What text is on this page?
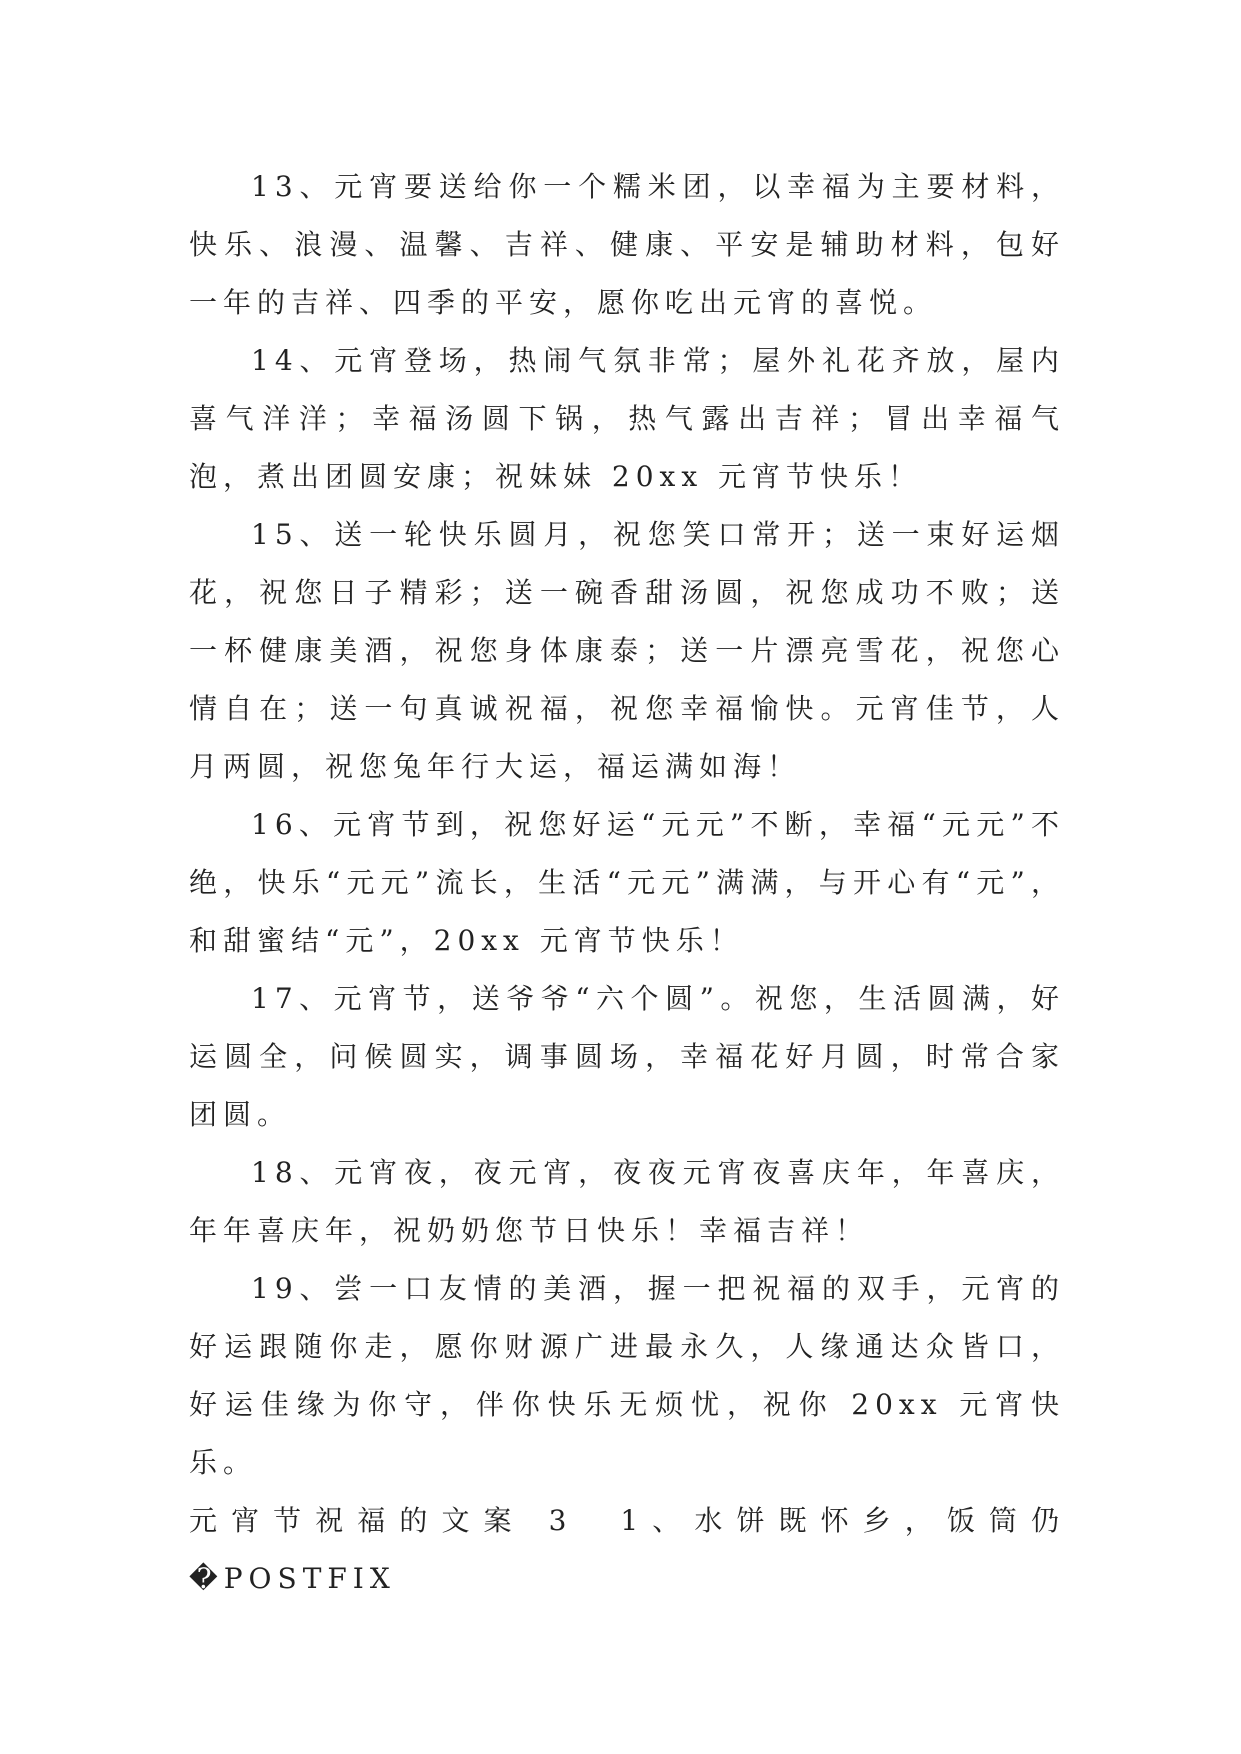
13、元宵要送给你一个糯米团，以幸福为主要材料，快乐、浪漫、温馨、吉祥、健康、平安是辅助材料，包好一年的吉祥、四季的平安，愿你吃出元宵的喜悦。

14、元宵登场，热闹气氛非常；屋外礼花齐放，屋内喜气洋洋；幸福汤圆下锅，热气露出吉祥；冒出幸福气泡，煮出团圆安康；祝妹妹 20xx 元宵节快乐！

15、送一轮快乐圆月，祝您笑口常开；送一束好运烟花，祝您日子精彩；送一碗香甜汤圆，祝您成功不败；送一杯健康美酒，祝您身体康泰；送一片漂亮雪花，祝您心情自在；送一句真诚祝福，祝您幸福愉快。元宵佳节，人月两圆，祝您兔年行大运，福运满如海！

16、元宵节到，祝您好运“元元”不断，幸福“元元”不绝，快乐“元元”流长，生活“元元”满满，与开心有“元”，和甜蜜结“元”，20xx 元宵节快乐！

17、元宵节，送爷爷“六个圆”。祝您，生活圆满，好运圆全，问候圆实，调事圆场，幸福花好月圆，时常合家团圆。

18、元宵夜，夜元宵，夜夜元宵夜喜庆年，年喜庆，年年喜庆年，祝奶奶您节日快乐！幸福吉祥！

19、尝一口友情的美酒，握一把祝福的双手，元宵的好运跟随你走，愿你财源广进最永久，人缘通达众皆口，好运佳缘为你守，伴你快乐无烦忧，祝你 20xx 元宵快乐。

元宵节祝福的文案 3 1、水饼既怀乡，饭筒仍�POSTFIX
